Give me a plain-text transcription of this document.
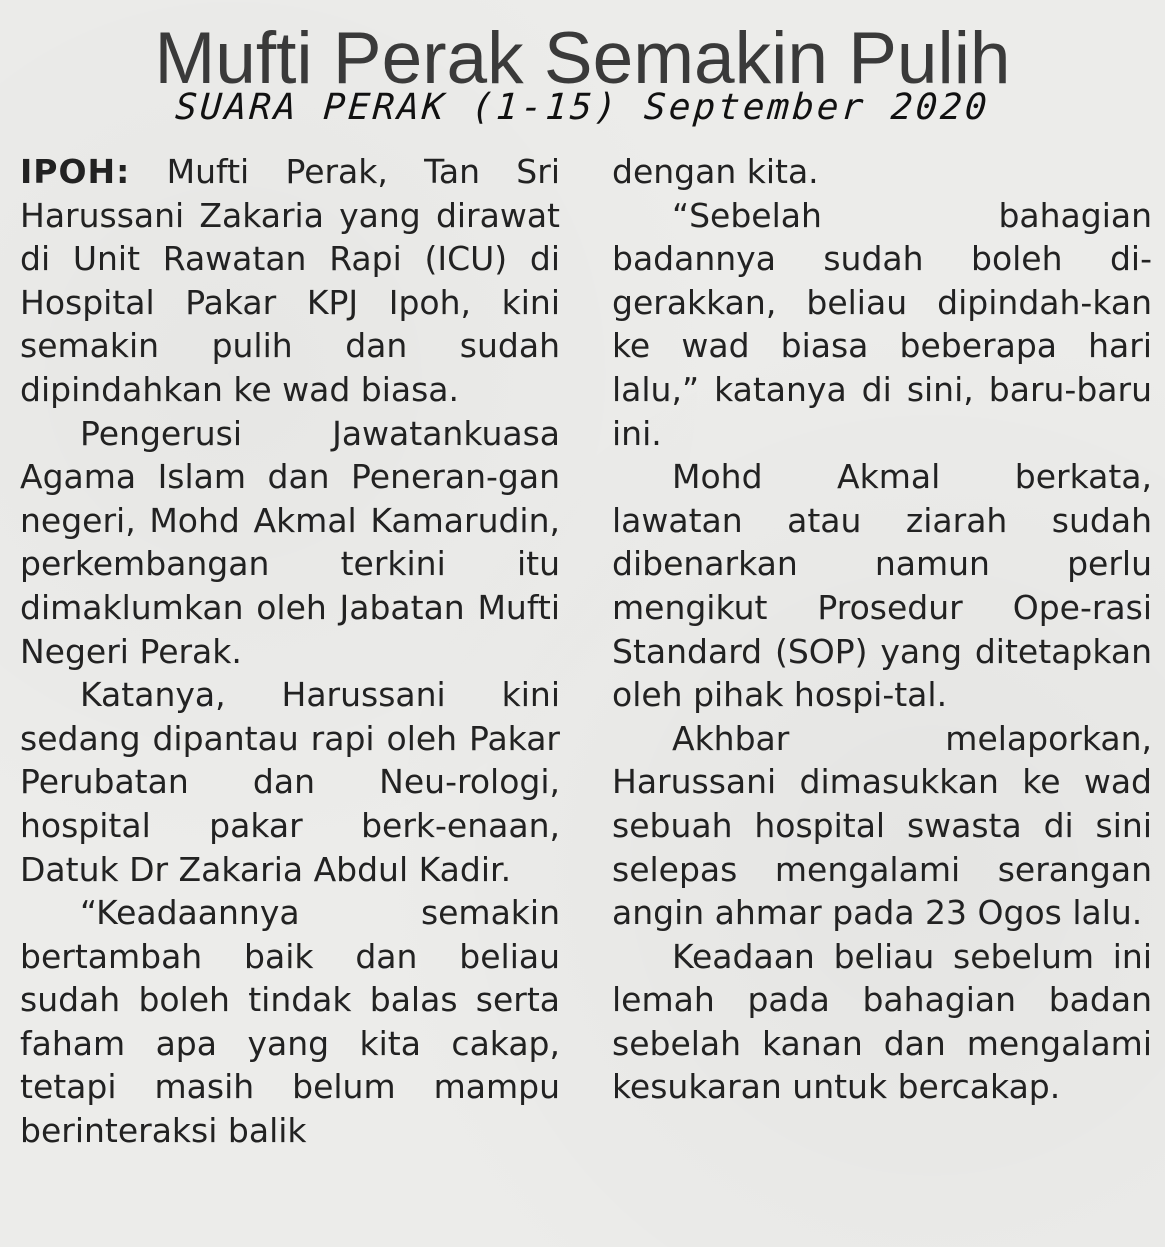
Mufti Perak Semakin Pulih
SUARA PERAK (1-15) September 2020

IPOH: Mufti Perak, Tan Sri Harussani Zakaria yang dirawat di Unit Rawatan Rapi (ICU) di Hospital Pakar KPJ Ipoh, kini semakin pulih dan sudah dipindahkan ke wad biasa.

Pengerusi Jawatankuasa Agama Islam dan Peneran-gan negeri, Mohd Akmal Kamarudin, perkembangan terkini itu dimaklumkan oleh Jabatan Mufti Negeri Perak.

Katanya, Harussani kini sedang dipantau rapi oleh Pakar Perubatan dan Neu-rologi, hospital pakar berk-enaan, Datuk Dr Zakaria Abdul Kadir.

“Keadaannya semakin bertambah baik dan beliau sudah boleh tindak balas serta faham apa yang kita cakap, tetapi masih belum mampu berinteraksi balik

dengan kita.

“Sebelah bahagian badannya sudah boleh di-gerakkan, beliau dipindah-kan ke wad biasa beberapa hari lalu,” katanya di sini, baru-baru ini.

Mohd Akmal berkata, lawatan atau ziarah sudah dibenarkan namun perlu mengikut Prosedur Ope-rasi Standard (SOP) yang ditetapkan oleh pihak hospi-tal.

Akhbar melaporkan, Harussani dimasukkan ke wad sebuah hospital swasta di sini selepas mengalami serangan angin ahmar pada 23 Ogos lalu.

Keadaan beliau sebelum ini lemah pada bahagian badan sebelah kanan dan mengalami kesukaran untuk bercakap.
